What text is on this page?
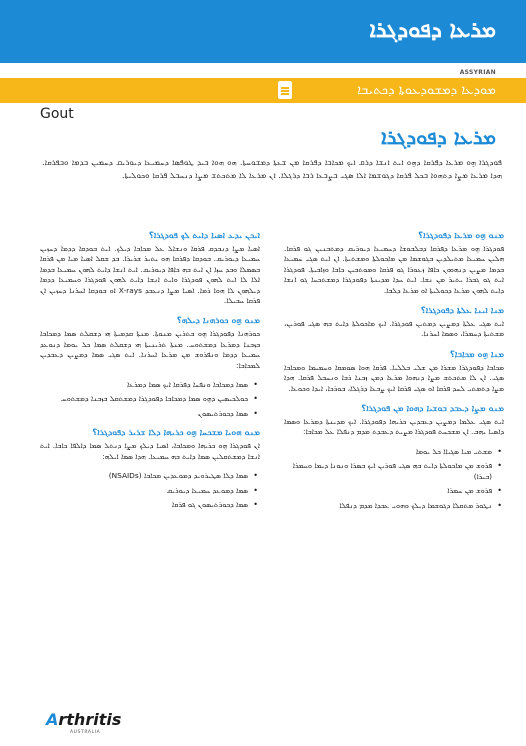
ܡܪܥܐ ܕܦܘܕܓܪܐ
ASSYRIAN
ܡܘܕܥܐ ܕܡܫܘܕܥܘܬܐ ܕܟܬܝܒܐ
Gout
ܡܪܥܐ ܕܦܘܕܓܪܐ
ܦܘܕܓܪܐ ܗ݈ܘ ܡܪܥܐ ܕܦܪܩܐ ܕܗ݈ܘ ܐܝܬ ܐܢܫܐ ܕܪܩ ܐܝܟ ܡܟܐܒܐ ܕܦܪܩܐ ܡܢ ܫܥܬܐ ܕܡܫܘܚܬܐ. ܗܘ ܗܘܐ ܒܝܕ ܛܘܦܣܐ ܕܚܡܝܥܐ ܕܝܘܪܝܩ ܕܚܡܝܢ ܒܕܡܐ ܘܒܦܪܩܐ. ܗܕܐ ܡܪܥܐ ܡܨܐ ܕܬܗܘܐ ܒܟܠ ܦܪܩܐ ܕܓܘܫܡܐ ܐܠܐ ܣܓܝ ܒܨܒܥܐ ܪܒܐ ܕܪܓܠܐ. ܐܢ ܡܪܥܐ ܠܐ ܡܬܟܬܫ ܡܨܐ ܕܢܚܒܠ ܦܪܩܐ ܘܟܘܠܝܬܐ.
ܡܢܘ ܗ݈ܘ ܡܪܥܐ ܕܦܘܕܓܪܐ؟
ܦܘܕܓܪܐ ܗ݈ܘ ܡܪܥܐ ܕܦܪܩܐ ܕܒܠܒܘܫܐ ܕܚܡܝܥܐ ܕܝܘܪܝܩ ܕܡܬܒܢܝܢ ܓܘ ܦܪܩܐ. ܗܠܝܢ ܚܡܝܥܐ ܡܬܝܠܕܝܢ ܒܓܘܫܡܐ ܡܢ ܡܐܟܘܠܬܐ ܘܡܫܬܝܬܐ. ܐܢ ܐܝܬ ܣܓܝ ܚܡܝܥܐ ܒܕܡܐ ܡܨܝܢ ܕܢܗܘܘܢ ܟܐܦܐ ܙܥܘܪܐ ܓܘ ܦܪܩܐ ܘܡܘܬܒܝܢ ܟܐܒܐ ܘܙܐܒܝܬܐ. ܦܘܕܓܪܐ ܐܝܬ ܓܘ ܓܒܪܐ ܝܬܝܪ ܡܢ ܢܫܐ. ܐܝܬ ܚܕܐ ܡܕܝܢܬܐ ܕܦܘܕܓܪܐ ܕܡܫܬܟܚܐ ܓܘ ܐܢܫܐ ܕܐܝܬ ܠܗܘܢ ܡܪܥܐ ܕܟܘܠܝܬܐ ܐܘ ܡܪܥܐ ܕܠܒܐ.
ܡܢܐ ܐܝܢܐ ܥܠܬܐ ܕܦܘܕܓܪܐ؟
ܐܝܬ ܣܓܝ ܥܠܬܐ ܕܡܨܝܢ ܕܡܬܝܢ ܦܘܕܓܪܐ. ܐܝܟ ܡܐܟܘܠܬܐ ܕܐܝܬ ܒܗ ܣܓܝ ܦܘܪܝܢ، ܡܫܬܝܬܐ ܕܚܡܪܐ، ܘܣܡܐ ܐܚܪܢܐ.
ܡܢܐ ܗ݈ܘ ܡܟܐܒܐ؟
ܡܟܐܒܐ ܕܦܘܕܓܪܐ ܡܫܪܐ ܡܢ ܫܠܝ ܒܠܠܝܐ. ܦܪܩܐ ܗܘܐ ܣܘܡܩܐ ܘܚܡܝܡܐ ܘܡܟܐܒܐ ܣܓܝ. ܐܢ ܠܐ ܡܬܟܬܫ ܡܨܐ ܕܢܗܘܐ ܡܪܥܐ ܕܡܢ ܙܒܢܐ ܪܒܐ ܘܢܚܒܠ ܦܪܩܐ. ܗܕܐ ܡܨܐ ܕܬܡܬܝ ܠܚܕ ܦܪܩܐ ܐܘ ܣܓܝ ܦܪܩܐ ܐܝܟ ܨܒܥܐ ܕܪܓܠܐ، ܒܘܪܟܐ، ܐܝܕܐ ܘܟܘܥܐ.
ܡܢܘ ܡܨܐ ܕܥܒܕ ܒܘܫܝܐ ܕܗܘܐ ܡܢ ܦܘܕܓܪܐ؟
ܐܝܬ ܣܓܝ ܥܠܡܐ ܕܡܨܝܢ ܕܥܒܕܝܢ ܟܪܝܗܐ ܕܦܘܕܓܪܐ. ܐܝܟ ܡܕܝܢܬܐ ܕܡܪܥܐ ܘܣܡܐ ܕܐܣܝܐ ܝܗܒ. ܐܢ ܡܫܟܚܬ ܦܘܕܓܪܐ ܡܨܝܬ ܕܥܒܕܬ ܡܕܡ ܕܢܦܠܐ ܥܠ ܡܟܐܒܐ:
•
ܡܫܬܝ ܡܝܐ ܣܓܝܐܐ ܟܠ ܝܘܡܐ
•
ܦܪܘܫ ܡܢ ܡܐܟܘܠܬܐ ܕܐܝܬ ܒܗ ܣܓܝ ܦܘܪܝܢ ܐܝܟ ܒܣܪܐ ܘܢܘܢܐ ܕܝܡܐ ܘܚܡܪܐ (ܒܝܪܐ)
•
ܦܪܘܫ ܡܢ ܚܡܪܐ
•
ܢܛܘܪ ܡܬܩܠܐ ܕܓܘܫܡܐ ܕܝܠܟ ܘܗܘܝ ܥܒܕܐ ܡܕܡ ܕܢܦܠܐ
ܐܝܟܢ ܝܕܥ ܐܣܝܐ ܕܐܝܬ ܠܟ ܦܘܕܓܪܐ؟
ܐܣܝܐ ܡܨܐ ܕܢܒܕܩ ܦܪܩܐ ܘܢܫܐܠ ܥܠ ܡܟܐܒܐ ܕܝܠܟ. ܐܝܬ ܒܘܕܩܐ ܕܕܡܐ ܕܚܙܝܢ ܚܡܝܥܐ ܕܝܘܪܝܩ. ܒܘܕܩܐ ܕܦܪܩܐ ܗܘ ܝܬܝܪ ܫܪܝܪܐ. ܒܕ ܫܩܠ ܐܣܝܐ ܡܝܐ ܡܢ ܦܪܩܐ ܒܣܡܠܐ ܘܒܕ ܚܙܐ ܐܢ ܐܝܬ ܒܗ ܟܐܦܐ ܕܝܘܪܝܩ. ܐܝܬ ܐܢܫܐ ܕܐܝܬ ܠܗܘܢ ܚܡܝܥܐ ܒܕܡܐ ܐܠܐ ܠܐ ܐܝܬ ܠܗܘܢ ܦܘܕܓܪܐ ܘܐܝܬ ܐܢܫܐ ܕܐܝܬ ܠܗܘܢ ܦܘܕܓܪܐ ܘܚܡܝܥܐ ܕܕܡܐ ܕܝܠܗܘܢ ܠܐ ܗܘܐ ܪܡܐ. ܐܣܝܐ ܡܨܐ ܕܢܥܒܕ X-rays ܐܘ ܒܘܕܩܐ ܐܚܪܢܐ ܕܚܙܝܢ ܐܢ ܦܪܩܐ ܚܒܝܠܐ.
ܡܢܘ ܗ݈ܘ ܟܘܪܗܢܐ ܕܝܠܗ؟
ܟܘܪܗܢܐ ܕܦܘܕܓܪܐ ܗ݈ܘ ܒܬܪܝܢ ܡܢܘܬܐ. ܡܢܬܐ ܩܕܡܝܬܐ ܗܝ ܕܫܩܠܬ ܣܡܐ ܕܡܟܐܒܐ ܒܙܒܢܐ ܕܡܪܥܐ ܕܡܫܬܘܚ. ܡܢܬܐ ܬܪܝܢܝܬܐ ܗܝ ܕܫܩܠܬ ܣܡܐ ܟܠ ܝܘܡܐ ܕܢܘܥܕ ܚܡܝܥܐ ܕܕܡܐ ܘܢܦܪܘܫ ܡܢ ܡܪܥܐ ܐܚܪܢܐ. ܐܝܬ ܣܓܝ ܣܡܐ ܕܡܨܝܢ ܕܥܒܕܝܢ ܠܡܟܐܒܐ:
•
ܣܡܐ ܕܡܟܐܒܐ ܘܢܦܚܐ ܕܦܪܩܐ ܐܝܟ ܣܡܐ ܕܡܪܥܐ
•
ܟܘܠܟܝܣܝܢ ܕܗ݈ܘ ܣܡܐ ܕܡܟܐܒܐ ܕܦܘܕܓܪܐ ܕܡܫܬܩܠ ܒܙܒܢܐ ܕܡܫܬܘܚ
•
ܣܡܐ ܕܟܘܪܬܝܣܘܢ
ܡܢܘ ܗܘܝܐ ܡܫܟܚܐ ܗ݈ܘ ܟܪܝܗܐ ܕܠܐ ܫܪܝܪ ܕܦܘܕܓܪܐ؟
ܐܢ ܦܘܕܓܪܐ ܗ݈ܘ ܟܪܝܗܐ ܘܡܟܐܒܐ، ܐܣܝܐ ܕܝܠܟ ܡܨܐ ܕܢܬܠ ܣܡܐ ܕܐܠܦܐ ܟܐܒܐ. ܐܝܬ ܐܢܫܐ ܕܡܫܬܩܠܝܢ ܣܡܐ ܕܐܝܬ ܒܗ ܚܡܝܥܐ. ܗܕܐ ܣܡܐ ܐܝܠܗ:
•
ܣܡܐ ܕܠܐ ܣܛܝܪܘܝܕ ܕܡܘܥܕܝܢ ܡܟܐܒܐ (NSAIDs)
•
ܣܡܐ ܕܡܘܥܕ ܚܡܝܥܐ ܕܝܘܪܝܩ
•
ܣܡܐ ܕܟܘܪܬܝܣܘܢ ܓܘ ܦܪܩܐ
Arthritis
AUSTRALIA
